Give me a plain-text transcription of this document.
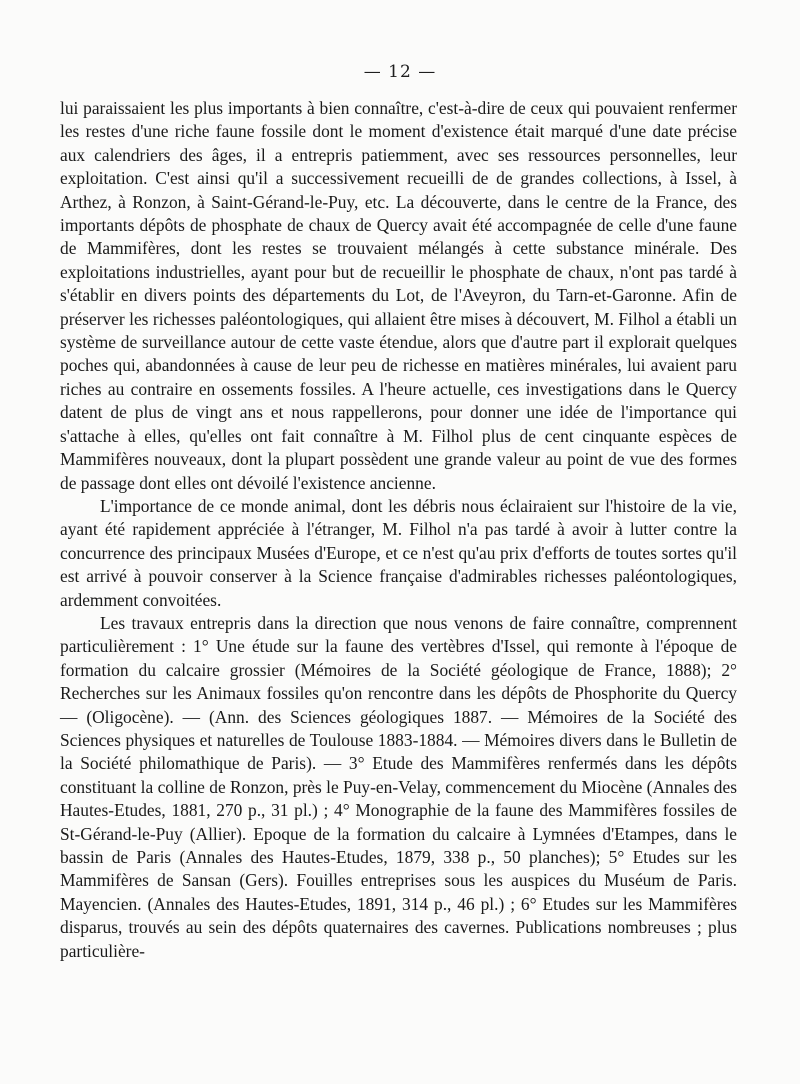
— 12 —

lui paraissaient les plus importants à bien connaître, c'est-à-dire de ceux qui pouvaient renfermer les restes d'une riche faune fossile dont le moment d'existence était marqué d'une date précise aux calendriers des âges, il a entrepris patiemment, avec ses ressources personnelles, leur exploitation. C'est ainsi qu'il a successivement recueilli de de grandes collections, à Issel, à Arthez, à Ronzon, à Saint-Gérand-le-Puy, etc. La découverte, dans le centre de la France, des importants dépôts de phosphate de chaux de Quercy avait été accompagnée de celle d'une faune de Mammifères, dont les restes se trouvaient mélangés à cette substance minérale. Des exploitations industrielles, ayant pour but de recueillir le phosphate de chaux, n'ont pas tardé à s'établir en divers points des départements du Lot, de l'Aveyron, du Tarn-et-Garonne. Afin de préserver les richesses paléontologiques, qui allaient être mises à découvert, M. Filhol a établi un système de surveillance autour de cette vaste étendue, alors que d'autre part il explorait quelques poches qui, abandonnées à cause de leur peu de richesse en matières minérales, lui avaient paru riches au contraire en ossements fossiles. A l'heure actuelle, ces investigations dans le Quercy datent de plus de vingt ans et nous rappellerons, pour donner une idée de l'importance qui s'attache à elles, qu'elles ont fait connaître à M. Filhol plus de cent cinquante espèces de Mammifères nouveaux, dont la plupart possèdent une grande valeur au point de vue des formes de passage dont elles ont dévoilé l'existence ancienne.

L'importance de ce monde animal, dont les débris nous éclairaient sur l'histoire de la vie, ayant été rapidement appréciée à l'étranger, M. Filhol n'a pas tardé à avoir à lutter contre la concurrence des principaux Musées d'Europe, et ce n'est qu'au prix d'efforts de toutes sortes qu'il est arrivé à pouvoir conserver à la Science française d'admirables richesses paléontologiques, ardemment convoitées.

Les travaux entrepris dans la direction que nous venons de faire connaître, comprennent particulièrement : 1° Une étude sur la faune des vertèbres d'Issel, qui remonte à l'époque de formation du calcaire grossier (Mémoires de la Société géologique de France, 1888); 2° Recherches sur les Animaux fossiles qu'on rencontre dans les dépôts de Phosphorite du Quercy — (Oligocène). — (Ann. des Sciences géologiques 1887. — Mémoires de la Société des Sciences physiques et naturelles de Toulouse 1883-1884. — Mémoires divers dans le Bulletin de la Société philomathique de Paris). — 3° Etude des Mammifères renfermés dans les dépôts constituant la colline de Ronzon, près le Puy-en-Velay, commencement du Miocène (Annales des Hautes-Etudes, 1881, 270 p., 31 pl.) ; 4° Monographie de la faune des Mammifères fossiles de St-Gérand-le-Puy (Allier). Epoque de la formation du calcaire à Lymnées d'Etampes, dans le bassin de Paris (Annales des Hautes-Etudes, 1879, 338 p., 50 planches); 5° Etudes sur les Mammifères de Sansan (Gers). Fouilles entreprises sous les auspices du Muséum de Paris. Mayencien. (Annales des Hautes-Etudes, 1891, 314 p., 46 pl.) ; 6° Etudes sur les Mammifères disparus, trouvés au sein des dépôts quaternaires des cavernes. Publications nombreuses ; plus particulière-
